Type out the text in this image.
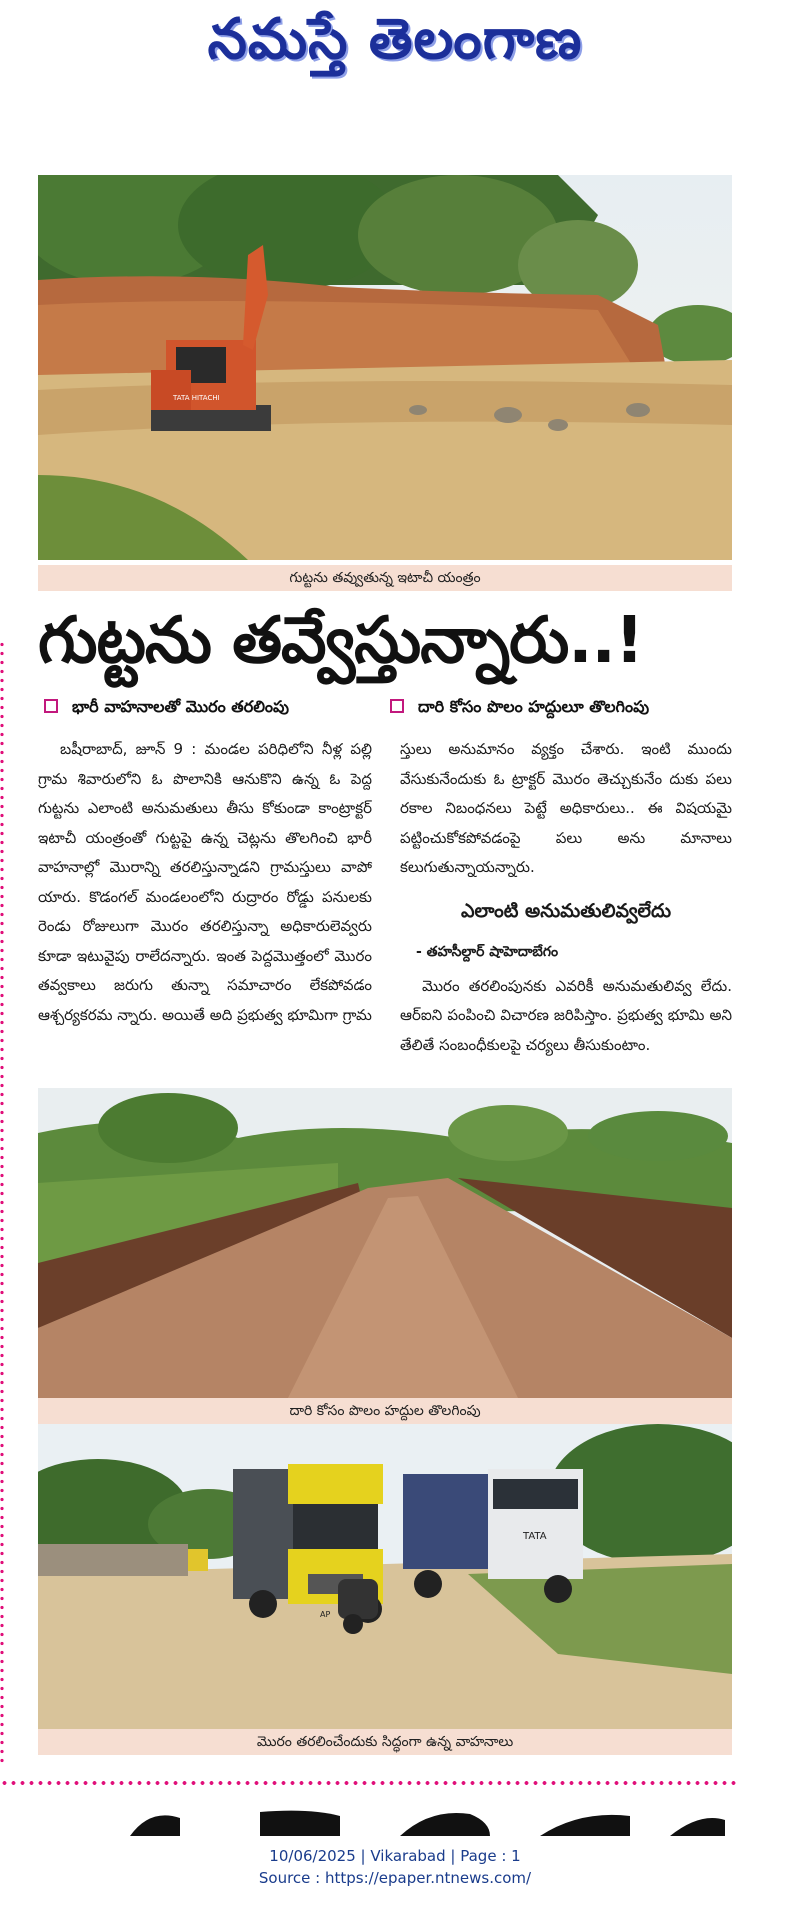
నమస్తే తెలంగాణ
TATA HITACHI
గుట్టను తవ్వుతున్న ఇటాచీ యంత్రం
గుట్టను తవ్వేస్తున్నారు..!
భారీ వాహనాలతో మొరం తరలింపు	దారి కోసం పొలం హద్దులూ తొలగింపు

బషీరాబాద్, జూన్ 9 : మండల పరిధిలోని నీళ్ల పల్లి గ్రామ శివారులోని ఓ పొలానికి ఆనుకొని ఉన్న ఓ పెద్ద గుట్టను ఎలాంటి అనుమతులు తీసు కోకుండా కాంట్రాక్టర్ ఇటాచీ యంత్రంతో గుట్టపై ఉన్న చెట్లను తొలగించి భారీ వాహనాల్లో మొరాన్ని తరలిస్తున్నాడని గ్రామస్తులు వాపో యారు. కొడంగల్ మండలంలోని రుద్రారం రోడ్డు పనులకు రెండు రోజులుగా మొరం తరలిస్తున్నా అధికారులెవ్వరు కూడా ఇటువైపు రాలేదన్నారు. ఇంత పెద్దమొత్తంలో మొరం తవ్వకాలు జరుగు తున్నా సమాచారం లేకపోవడం ఆశ్చర్యకరమ న్నారు. అయితే అది ప్రభుత్వ భూమిగా గ్రామ

స్తులు అనుమానం వ్యక్తం చేశారు. ఇంటి ముందు వేసుకునేందుకు ఓ ట్రాక్టర్ మొరం తెచ్చుకునేం దుకు పలు రకాల నిబంధనలు పెట్టే అధికారులు.. ఈ విషయమై పట్టించుకోకపోవడంపై పలు అను మానాలు కలుగుతున్నాయన్నారు.

ఎలాంటి అనుమతులివ్వలేదు

- తహసీల్దార్ షాహెదాబేగం

మొరం తరలింపునకు ఎవరికీ అనుమతులివ్వ లేదు. ఆర్ఐని పంపించి విచారణ జరిపిస్తాం. ప్రభుత్వ భూమి అని తేలితే సంబంధీకులపై చర్యలు తీసుకుంటాం.

దారి కోసం పొలం హద్దుల తొలగింపు
AP
TATA
మొరం తరలించేందుకు సిద్ధంగా ఉన్న వాహనాలు
10/06/2025 | Vikarabad | Page : 1
Source : https://epaper.ntnews.com/
